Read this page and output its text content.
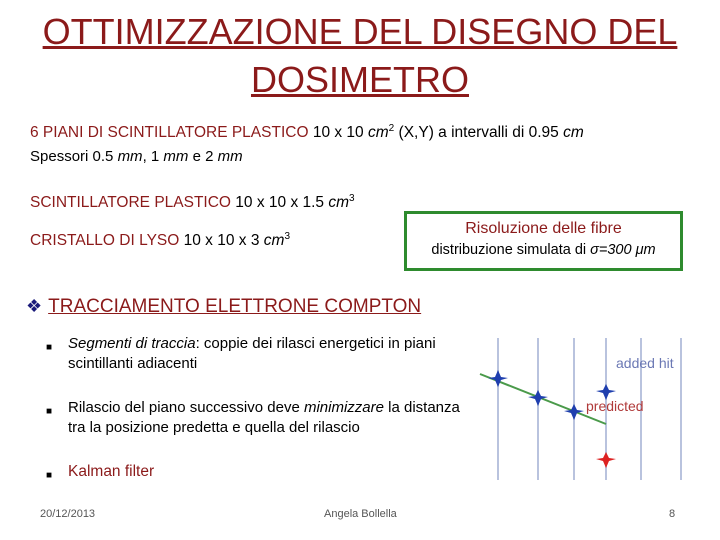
OTTIMIZZAZIONE DEL DISEGNO DEL DOSIMETRO
6 PIANI DI SCINTILLATORE PLASTICO 10 x 10 $cm^2$ (X,Y) a intervalli di 0.95 cm
Spessori 0.5 mm, 1 mm e 2 mm
SCINTILLATORE PLASTICO 10 x 10 x 1.5 $cm^3$
CRISTALLO DI LYSO 10 x 10 x 3 $cm^3$	Risoluzione delle fibre
distribuzione simulata di σ=300 μm
❖ TRACCIAMENTO ELETTRONE COMPTON
■ Segmenti di traccia: coppie dei rilasci energetici in piani scintillanti adiacenti
■ Rilascio del piano successivo deve minimizzare la distanza tra la posizione predetta e quella del rilascio
■ Kalman filter
added hit
predicted
20/12/2013	Angela Bollella	8
